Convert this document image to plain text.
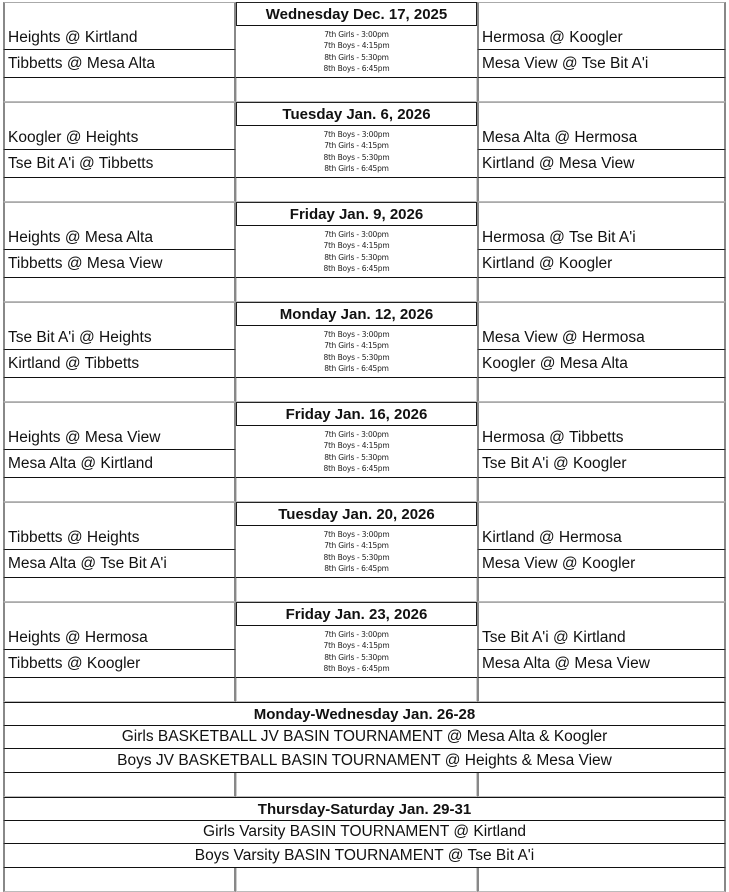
Wednesday Dec. 17, 2025
7th Girls - 3:00pm
7th Boys - 4:15pm
8th Girls - 5:30pm
8th Boys - 6:45pm
Heights @ Kirtland	Hermosa @ Koogler
Tibbetts @ Mesa Alta	Mesa View @ Tse Bit A'i
Tuesday Jan. 6, 2026
7th Boys - 3:00pm
7th Girls - 4:15pm
8th Boys - 5:30pm
8th Girls - 6:45pm
Koogler @ Heights	Mesa Alta @ Hermosa
Tse Bit A'i @ Tibbetts	Kirtland @ Mesa View
Friday Jan. 9, 2026
7th Girls - 3:00pm
7th Boys - 4:15pm
8th Girls - 5:30pm
8th Boys - 6:45pm
Heights @ Mesa Alta	Hermosa @ Tse Bit A'i
Tibbetts @ Mesa View	Kirtland @ Koogler
Monday Jan. 12, 2026
7th Boys - 3:00pm
7th Girls - 4:15pm
8th Boys - 5:30pm
8th Girls - 6:45pm
Tse Bit A'i @ Heights	Mesa View @ Hermosa
Kirtland @ Tibbetts	Koogler @ Mesa Alta
Friday Jan. 16, 2026
7th Girls - 3:00pm
7th Boys - 4:15pm
8th Girls - 5:30pm
8th Boys - 6:45pm
Heights @ Mesa View	Hermosa @ Tibbetts
Mesa Alta @ Kirtland	Tse Bit A'i @ Koogler
Tuesday Jan. 20, 2026
7th Boys - 3:00pm
7th Girls - 4:15pm
8th Boys - 5:30pm
8th Girls - 6:45pm
Tibbetts @ Heights	Kirtland @ Hermosa
Mesa Alta @ Tse Bit A'i	Mesa View @ Koogler
Friday Jan. 23, 2026
7th Girls - 3:00pm
7th Boys - 4:15pm
8th Girls - 5:30pm
8th Boys - 6:45pm
Heights @ Hermosa	Tse Bit A'i @ Kirtland
Tibbetts @ Koogler	Mesa Alta @ Mesa View
Monday-Wednesday Jan. 26-28
Girls BASKETBALL JV BASIN TOURNAMENT @ Mesa Alta & Koogler
Boys JV BASKETBALL BASIN TOURNAMENT @ Heights & Mesa View
Thursday-Saturday Jan. 29-31
Girls Varsity BASIN TOURNAMENT @ Kirtland
Boys Varsity BASIN TOURNAMENT @ Tse Bit A'i
